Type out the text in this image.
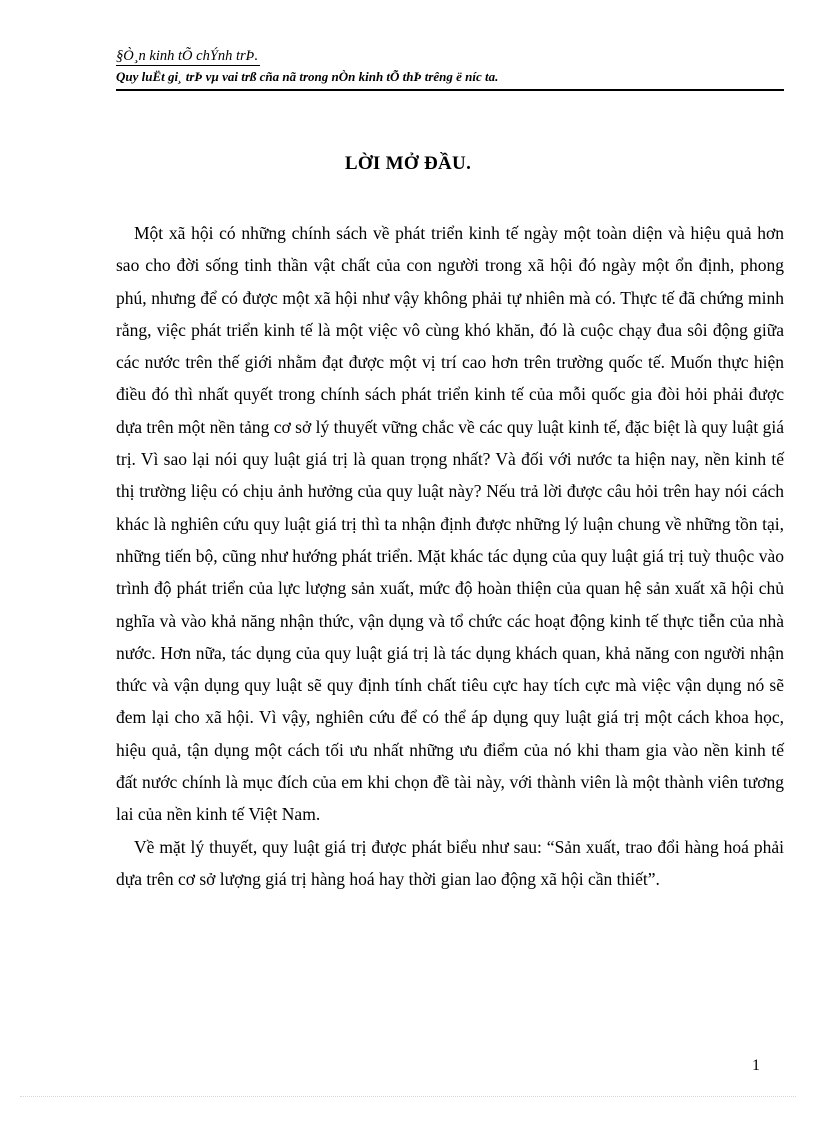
§Ò¸n kinh tÕ chÝnh trÞ.
Quy luËt gi¸ trÞ vµ vai trß cña nã trong nÒn kinh tÕ thÞ trêng ë níc ta.
LỜI MỞ ĐẦU.

Một xã hội có những chính sách về phát triển kinh tế ngày một toàn diện và hiệu quả hơn sao cho đời sống tinh thần vật chất của con người trong xã hội đó ngày một ổn định, phong phú, nhưng để có được một xã hội như vậy không phải tự nhiên mà có. Thực tế đã chứng minh rằng, việc phát triển kinh tế là một việc vô cùng khó khăn, đó là cuộc chạy đua sôi động giữa các nước trên thế giới nhằm đạt được một vị trí cao hơn trên trường quốc tế. Muốn thực hiện điều đó thì nhất quyết trong chính sách phát triển kinh tế của mỗi quốc gia đòi hỏi phải được dựa trên một nền tảng cơ sở lý thuyết vững chắc về các quy luật kinh tế, đặc biệt là quy luật giá trị. Vì sao lại nói quy luật giá trị là quan trọng nhất? Và đối với nước ta hiện nay, nền kinh tế thị trường liệu có chịu ảnh hưởng của quy luật này? Nếu trả lời được câu hỏi trên hay nói cách khác là nghiên cứu quy luật giá trị thì ta nhận định được những lý luận chung về những tồn tại, những tiến bộ, cũng như hướng phát triển. Mặt khác tác dụng của quy luật giá trị tuỳ thuộc vào trình độ phát triển của lực lượng sản xuất, mức độ hoàn thiện của quan hệ sản xuất xã hội chủ nghĩa và vào khả năng nhận thức, vận dụng và tổ chức các hoạt động kinh tế thực tiễn của nhà nước. Hơn nữa, tác dụng của quy luật giá trị là tác dụng khách quan, khả năng con người nhận thức và vận dụng quy luật sẽ quy định tính chất tiêu cực hay tích cực mà việc vận dụng nó sẽ đem lại cho xã hội. Vì vậy, nghiên cứu để có thể áp dụng quy luật giá trị một cách khoa học, hiệu quả, tận dụng một cách tối ưu nhất những ưu điểm của nó khi tham gia vào nền kinh tế đất nước chính là mục đích của em khi chọn đề tài này, với thành viên là một thành viên tương lai của nền kinh tế Việt Nam.

Về mặt lý thuyết, quy luật giá trị được phát biểu như sau: “Sản xuất, trao đổi hàng hoá phải dựa trên cơ sở lượng giá trị hàng hoá hay thời gian lao động xã hội cần thiết”.

1
